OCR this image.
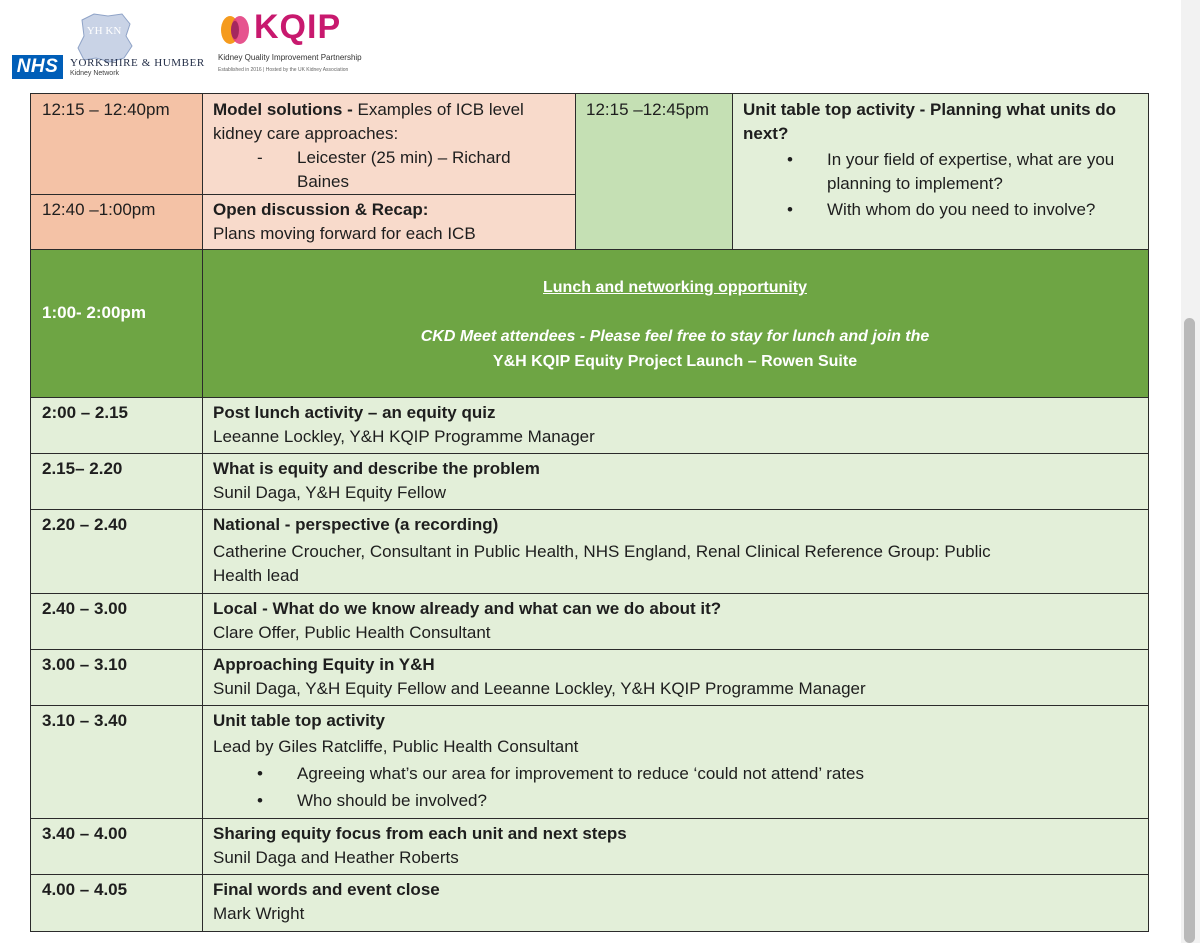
YH KN
NHS	YORKSHIRE & HUMBER
Kidney Network
KQIP
Kidney Quality Improvement Partnership
Established in 2016 | Hosted by the UK Kidney Association
12:15 – 12:40pm	Model solutions - Examples of ICB level
kidney care approaches:
- Leicester (25 min) – Richard
Baines
12:40 –1:00pm	Open discussion & Recap:
Plans moving forward for each ICB
12:15 –12:45pm	Unit table top activity - Planning what units do
next?
• In your field of expertise, what are you
planning to implement?
• With whom do you need to involve?
1:00- 2:00pm
Lunch and networking opportunity
CKD Meet attendees - Please feel free to stay for lunch and join the
Y&H KQIP Equity Project Launch – Rowen Suite
2:00 – 2.15	Post lunch activity – an equity quiz
Leeanne Lockley, Y&H KQIP Programme Manager
2.15– 2.20	What is equity and describe the problem
Sunil Daga, Y&H Equity Fellow
2.20 – 2.40	National - perspective (a recording)
Catherine Croucher, Consultant in Public Health, NHS England, Renal Clinical Reference Group: Public
Health lead
2.40 – 3.00	Local - What do we know already and what can we do about it?
Clare Offer, Public Health Consultant
3.00 – 3.10	Approaching Equity in Y&H
Sunil Daga, Y&H Equity Fellow and Leeanne Lockley, Y&H KQIP Programme Manager
3.10 – 3.40	Unit table top activity
Lead by Giles Ratcliffe, Public Health Consultant
• Agreeing what’s our area for improvement to reduce ‘could not attend’ rates
• Who should be involved?
3.40 – 4.00	Sharing equity focus from each unit and next steps
Sunil Daga and Heather Roberts
4.00 – 4.05	Final words and event close
Mark Wright
